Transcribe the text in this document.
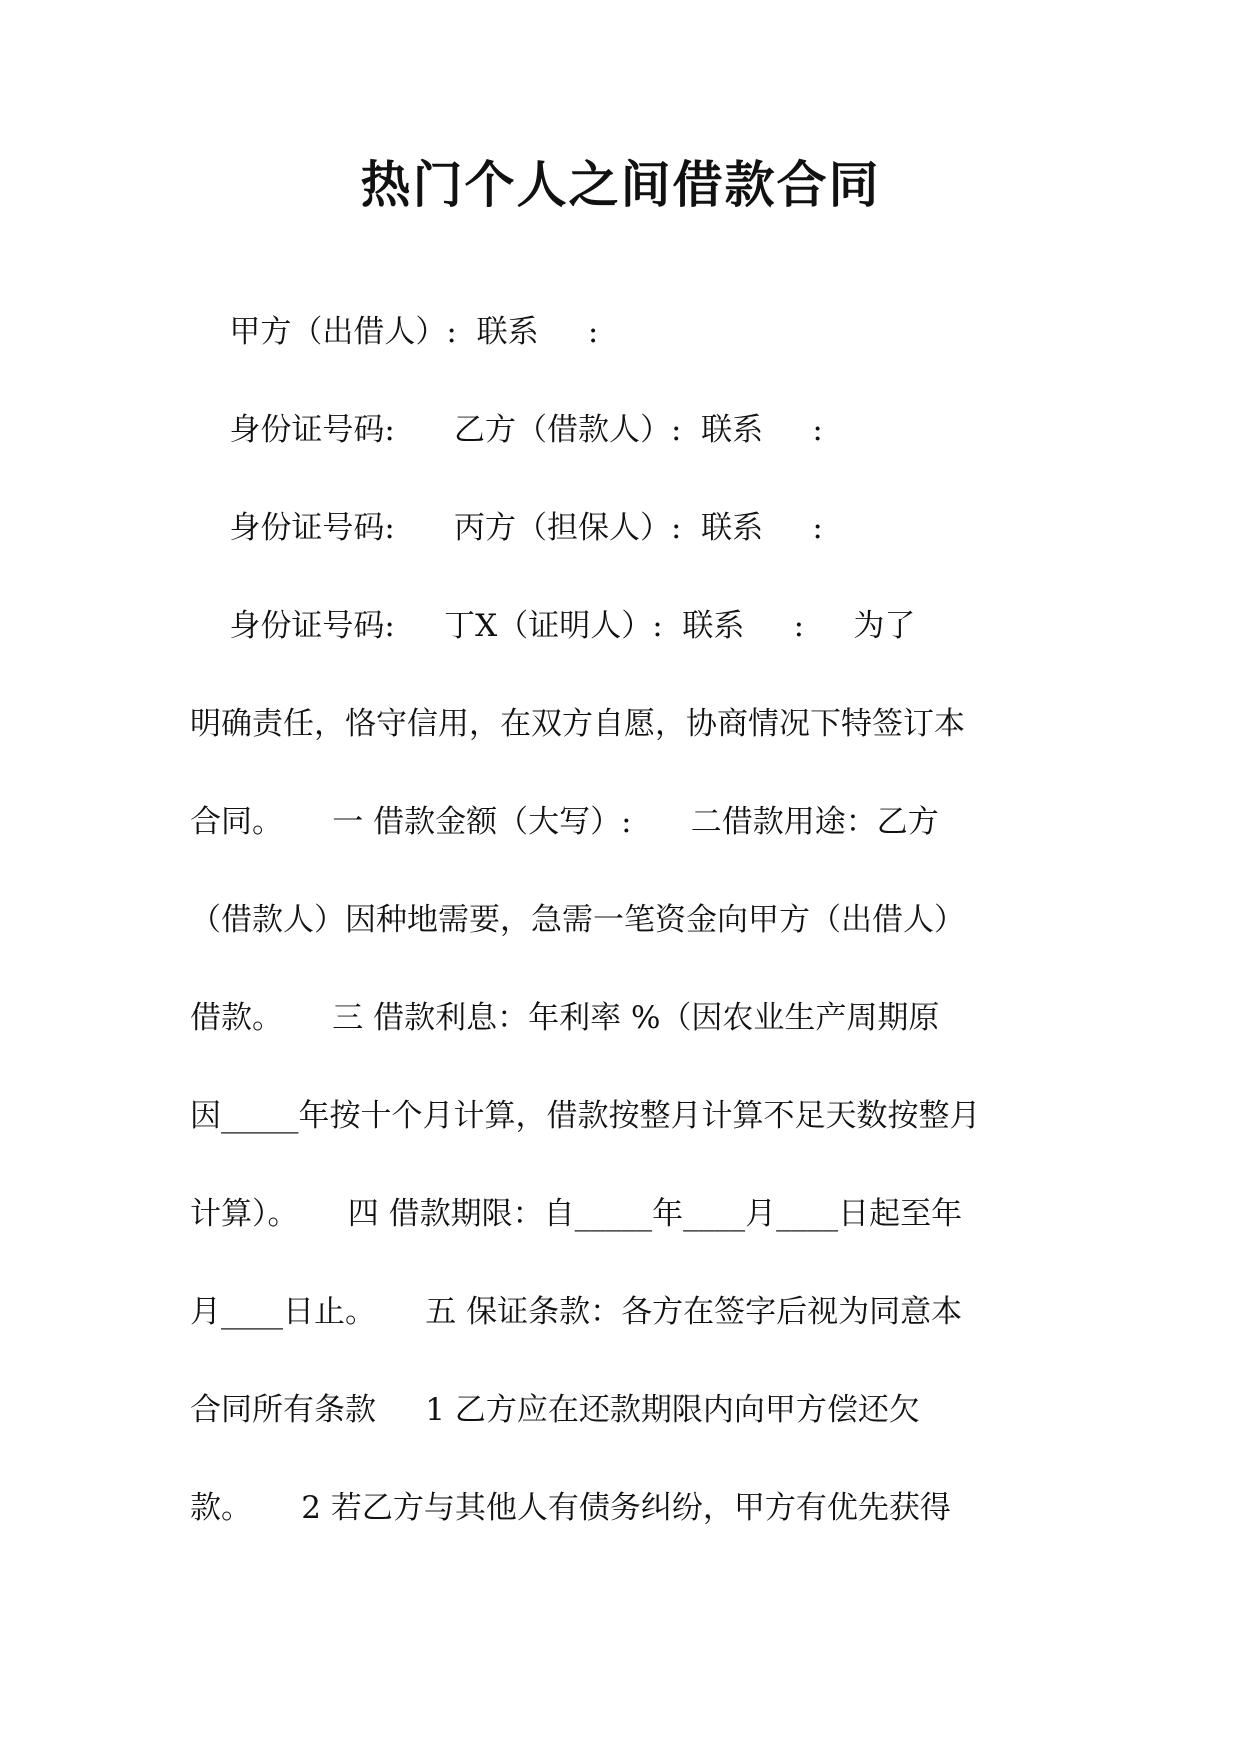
热门个人之间借款合同
甲方（出借人）:  联系     :
身份证号码:      乙方（借款人）:  联系     :
身份证号码:      丙方（担保人）:  联系     :
身份证号码:     丁X（证明人）:  联系     :     为了
明确责任，恪守信用，在双方自愿，协商情况下特签订本
合同。     一 借款金额（大写）:      二借款用途：乙方
（借款人）因种地需要，急需一笔资金向甲方（出借人）
借款。     三 借款利息：年利率 %（因农业生产周期原
因_____年按十个月计算，借款按整月计算不足天数按整月
计算）。     四 借款期限：自_____年____月____日起至年
月____日止。     五 保证条款：各方在签字后视为同意本
合同所有条款     1 乙方应在还款期限内向甲方偿还欠
款。     2 若乙方与其他人有债务纠纷，甲方有优先获得
